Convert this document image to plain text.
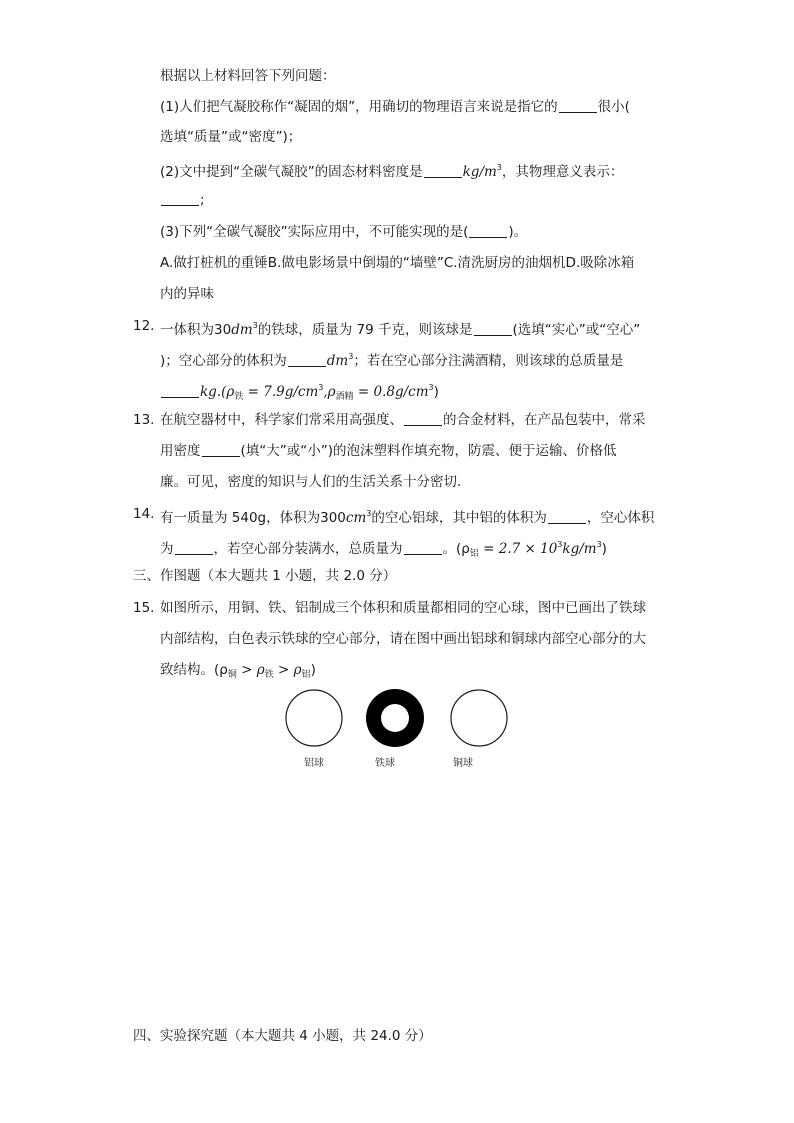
根据以上材料回答下列问题：
(1)人们把气凝胶称作“凝固的烟”，用确切的物理语言来说是指它的	很小(
选填“质量”或“密度”)；
(2)文中提到“全碳气凝胶”的固态材料密度是	$kg/m^3$，其物理意义表示：
;
(3)下列“全碳气凝胶”实际应用中，不可能实现的是(	)。
A.做打桩机的重锤B.做电影场景中倒塌的“墙壁”C.清洗厨房的油烟机D.吸除冰箱
内的异味
12. 一体积为$30dm^3$的铁球，质量为 79 千克，则该球是	(选填“实心”或“空心”
)；空心部分的体积为	$dm^3$；若在空心部分注满酒精，则该球的总质量是
$kg.(\rho_铁 = 7.9g/cm^3,\rho_{酒精} = 0.8g/cm^3)$
13. 在航空器材中，科学家们常采用高强度、	的合金材料，在产品包装中，常采
用密度	(填“大”或“小”)的泡沫塑料作填充物，防震、便于运输、价格低
廉。可见，密度的知识与人们的生活关系十分密切.
14. 有一质量为 540g，体积为$300cm^3$的空心铝球，其中铝的体积为	，空心体积
为	，若空心部分装满水，总质量为	。$(\rho_铝 = 2.7 \times 10^3kg/m^3)$
三、作图题（本大题共 1 小题，共 2.0 分）
15. 如图所示，用铜、铁、铝制成三个体积和质量都相同的空心球，图中已画出了铁球
内部结构，白色表示铁球的空心部分，请在图中画出铝球和铜球内部空心部分的大
致结构。$(\rho_铜 > \rho_铁 > \rho_铝)$
铝球	铁球	铜球
四、实验探究题（本大题共 4 小题，共 24.0 分）
